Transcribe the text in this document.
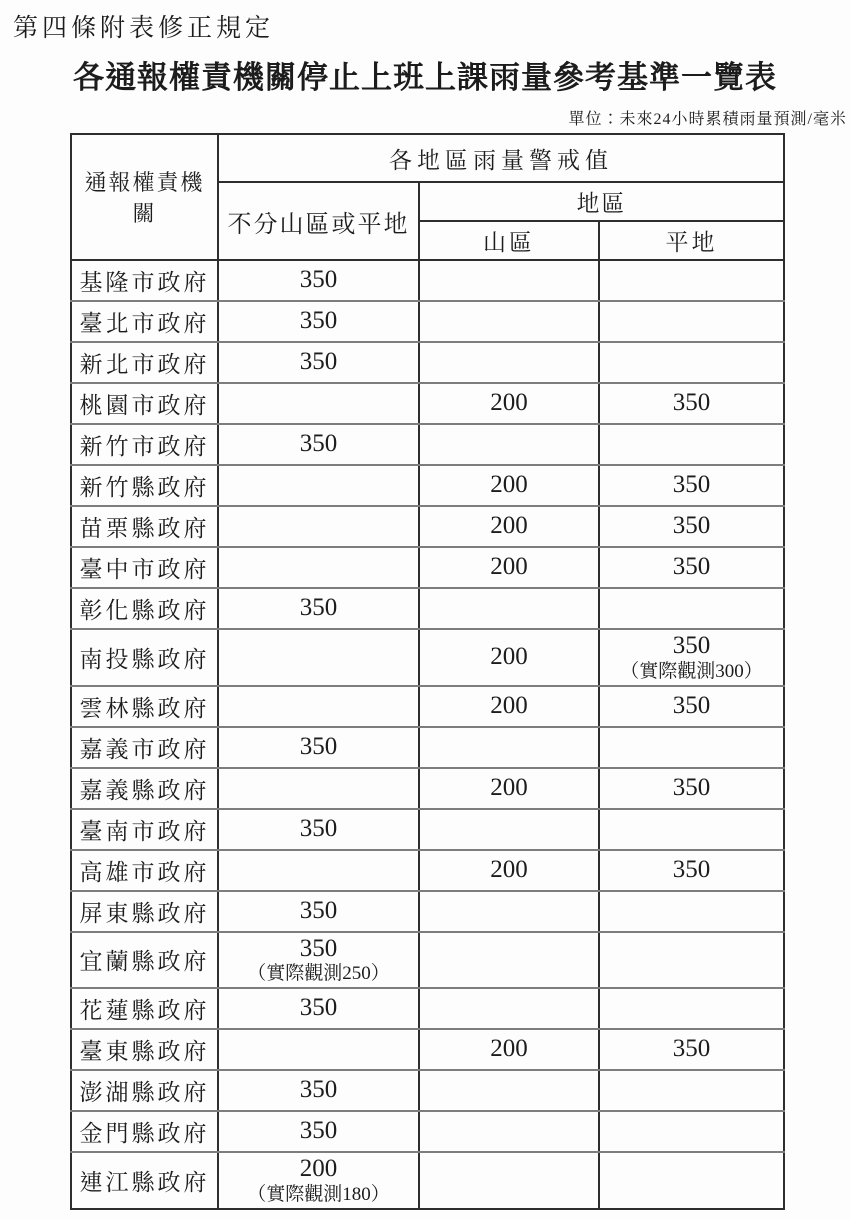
第四條附表修正規定
各通報權責機關停止上班上課雨量參考基準一覽表
單位：未來24小時累積雨量預測/毫米
通報權責機關	各地區雨量警戒值		
	不分山區或平地	地區	
		山區	平地

基隆市政府	350		

臺北市政府	350		

新北市政府	350		

桃園市政府		200	350

新竹市政府	350		

新竹縣政府		200	350

苗栗縣政府		200	350

臺中市政府		200	350

彰化縣政府	350		

南投縣政府		200	350
（實際觀測300）

雲林縣政府		200	350

嘉義市政府	350		

嘉義縣政府		200	350

臺南市政府	350		

高雄市政府		200	350

屏東縣政府	350		

宜蘭縣政府	350
（實際觀測250）		

花蓮縣政府	350		

臺東縣政府		200	350

澎湖縣政府	350		

金門縣政府	350		

連江縣政府	200
（實際觀測180）		
